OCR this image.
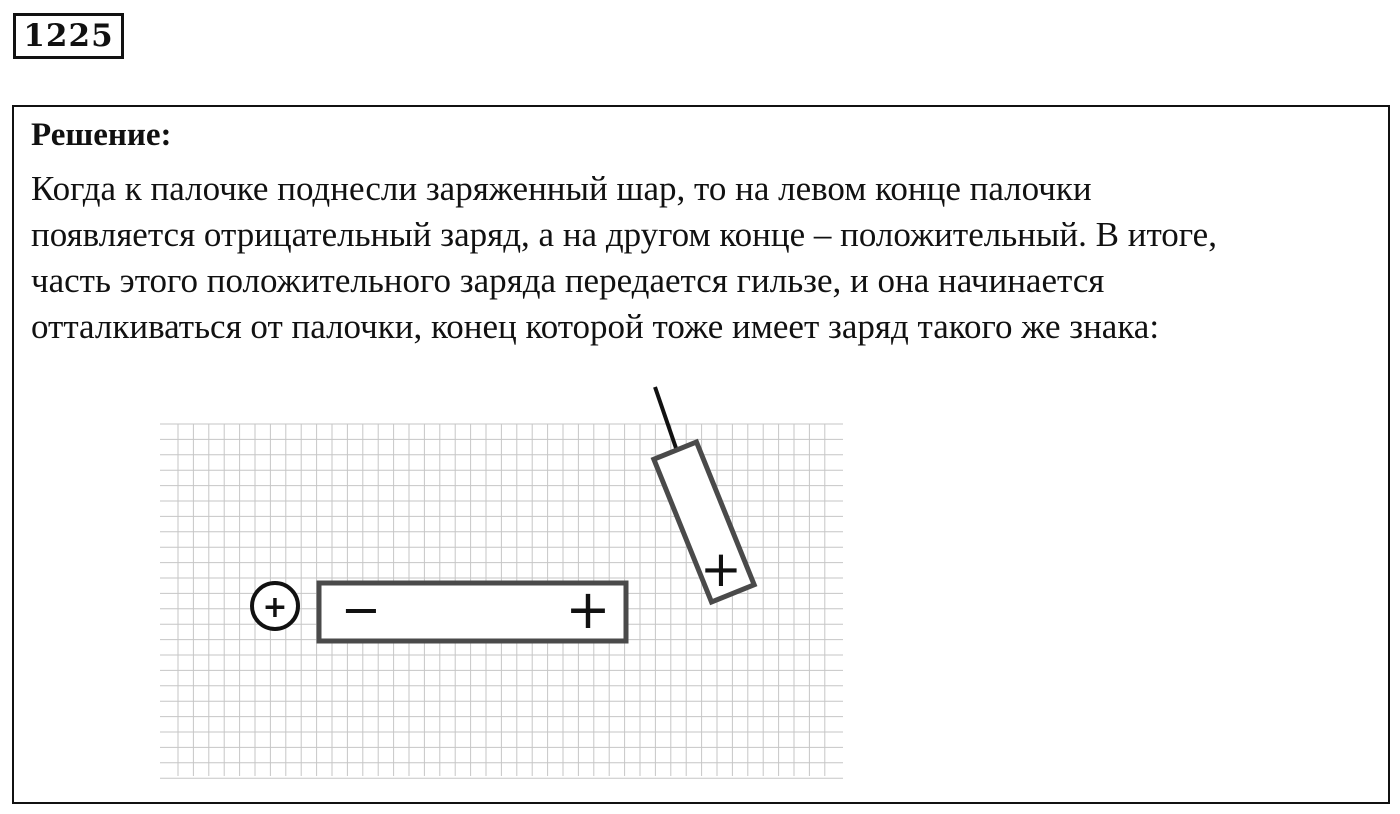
1225
Решение:

Когда к палочке поднесли заряженный шар, то на левом конце палочки
появляется отрицательный заряд, а на другом конце – положительный. В итоге,
часть этого положительного заряда передается гильзе, и она начинается
отталкиваться от палочки, конец которой тоже имеет заряд такого же знака:

+ −	+
+
